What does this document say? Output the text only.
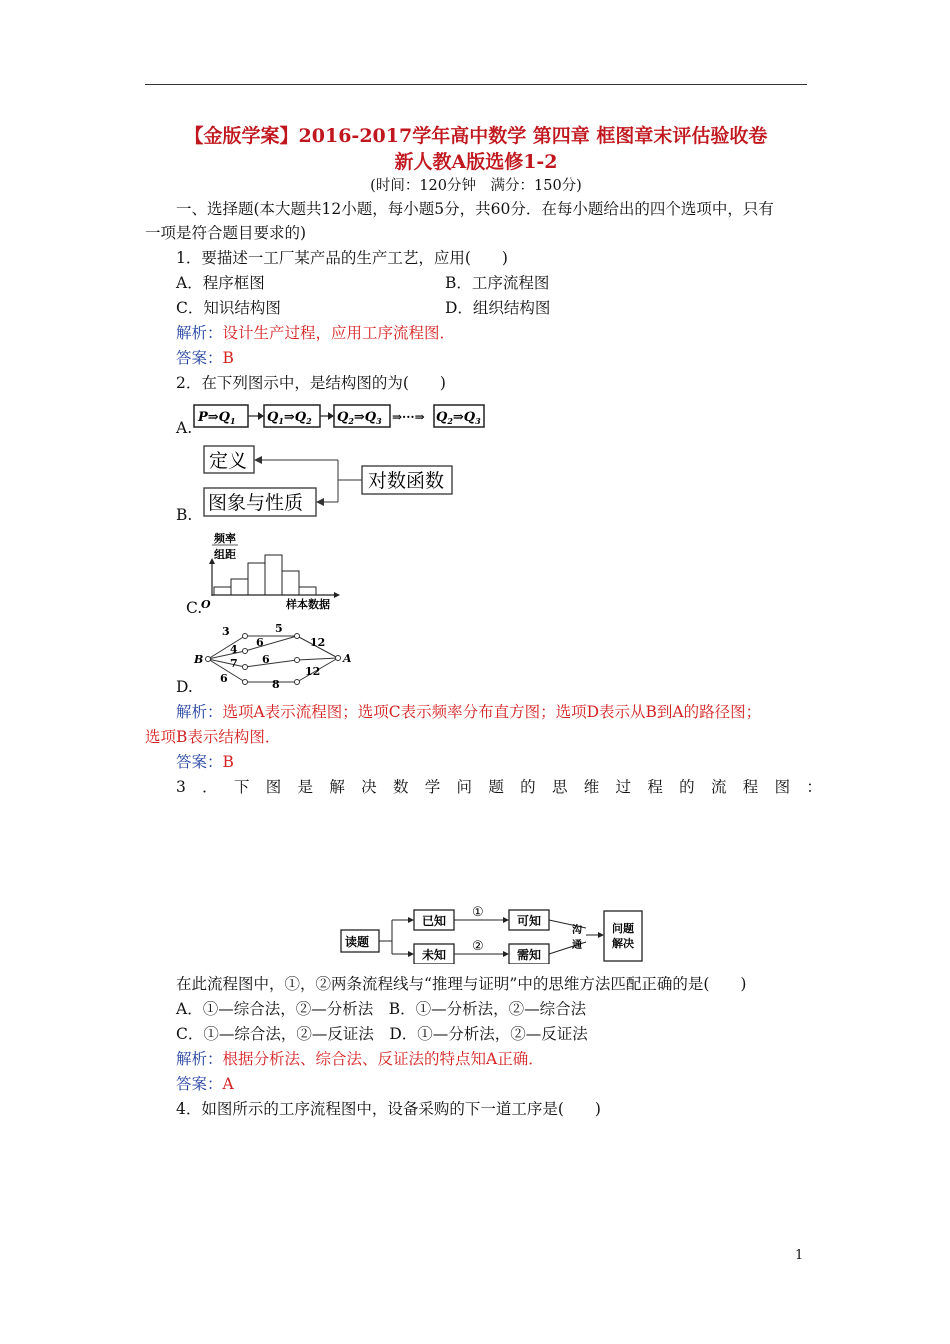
【金版学案】2016-2017学年高中数学 第四章 框图章末评估验收卷
新人教A版选修1-2
(时间：120分钟　满分：150分)
一、选择题(本大题共12小题，每小题5分，共60分．在每小题给出的四个选项中，只有
一项是符合题目要求的)
1．要描述一工厂某产品的生产工艺，应用(　　)
A．程序框图	B．工序流程图
C．知识结构图	D．组织结构图
解析：设计生产过程，应用工序流程图．
答案：B
2．在下列图示中，是结构图的为(　　)
A.
$P\Rightarrow Q_1$ $Q_1\Rightarrow Q_2$ $Q_2\Rightarrow Q_3$ ⇒···⇒ $Q_2\Rightarrow Q_3$
B.
定义
对数函数
图象与性质
C.
频率
组距
O	样本数据
D.
B	A
3	5
4
6	12
7 6
12
6	8
解析：选项A表示流程图；选项C表示频率分布直方图；选项D表示从B到A的路径图；
选项B表示结构图．
答案：B
3．下图是解决数学问题的思维过程的流程图：
读题
已知
未知
可知
需知
问题
解决
沟
通
①
②
在此流程图中，①，②两条流程线与“推理与证明”中的思维方法匹配正确的是(　　)
A．①—综合法，②—分析法　B．①—分析法，②—综合法
C．①—综合法，②—反证法　D．①—分析法，②—反证法
解析：根据分析法、综合法、反证法的特点知A正确．
答案：A
4．如图所示的工序流程图中，设备采购的下一道工序是(　　)
1
